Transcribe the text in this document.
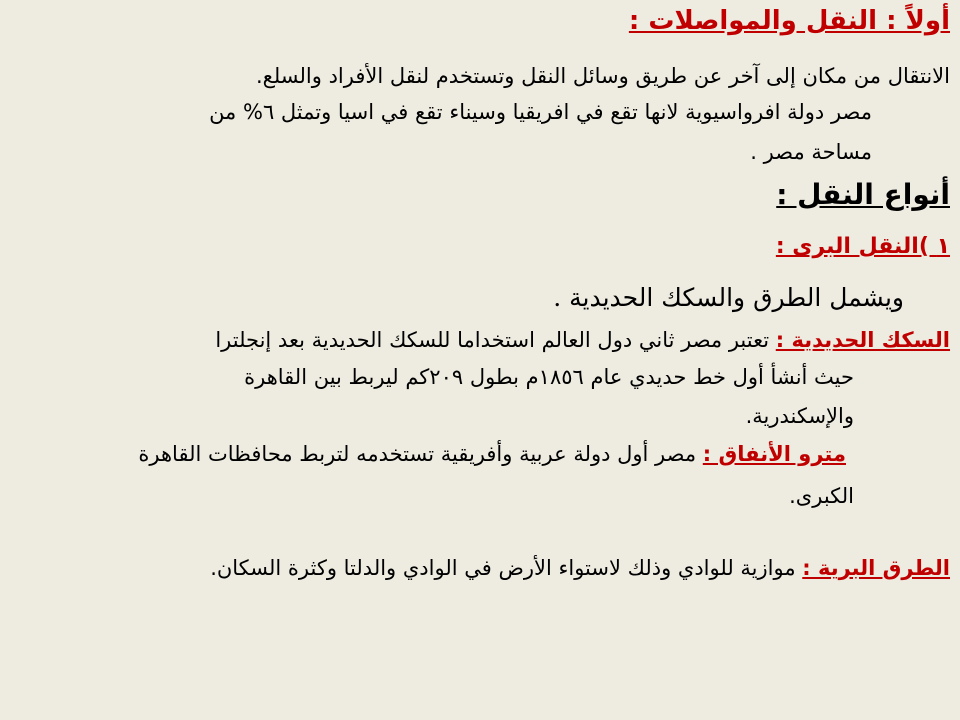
أولاً : النقل والمواصلات :
الانتقال من مكان إلى آخر عن طريق وسائل النقل وتستخدم لنقل الأفراد والسلع.
مصر دولة افرواسيوية لانها تقع في افريقيا وسيناء تقع في اسيا وتمثل ٦% من
مساحة مصر .
أنواع النقل :
١ )النقل البرى :
ويشمل الطرق والسكك الحديدية .
السكك الحديدية : تعتبر مصر ثاني دول العالم استخداما للسكك الحديدية بعد إنجلترا
حيث أنشأ أول خط حديدي عام ١٨٥٦م بطول ٢٠٩كم ليربط بين القاهرة
والإسكندرية.
مترو الأنفاق : مصر أول دولة عربية وأفريقية تستخدمه لتربط محافظات القاهرة
الكبرى.
الطرق البرية : موازية للوادي وذلك لاستواء الأرض في الوادي والدلتا وكثرة السكان.
